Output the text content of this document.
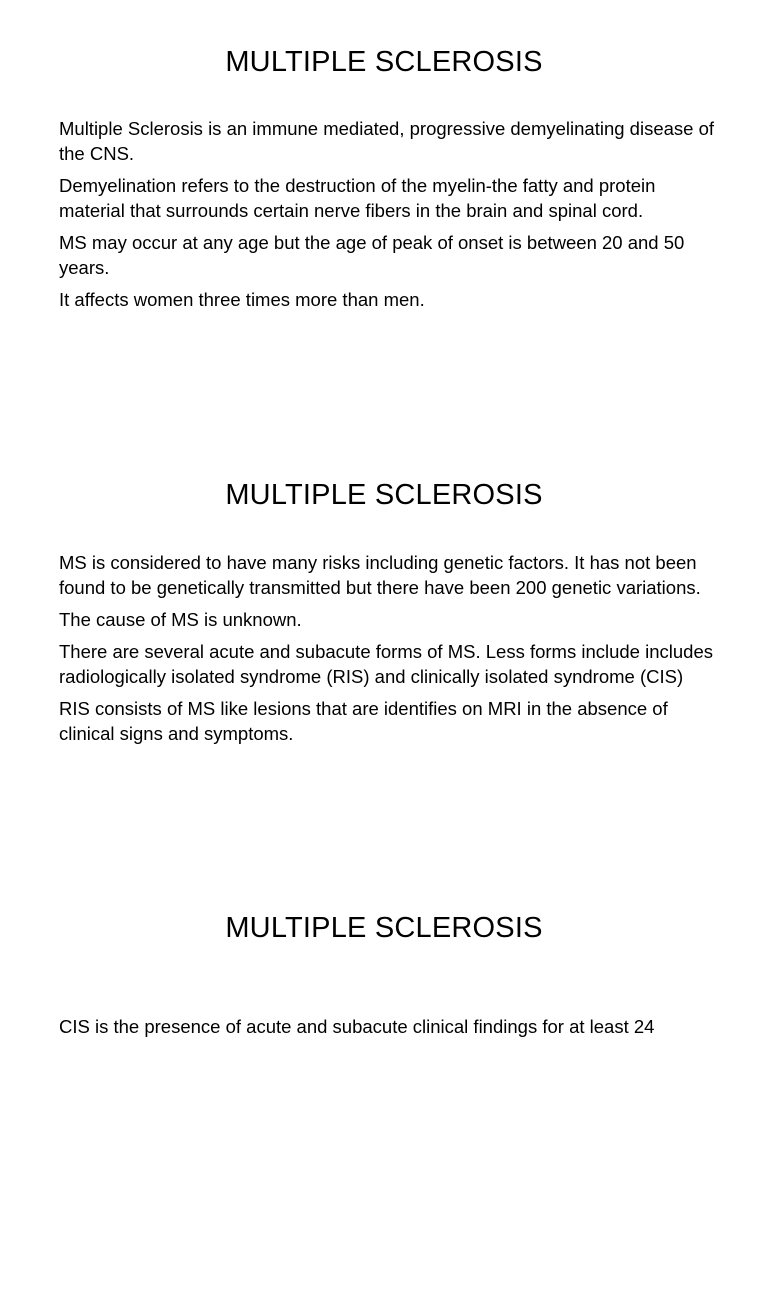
MULTIPLE SCLEROSIS

Multiple Sclerosis is an immune mediated, progressive demyelinating disease of the CNS.

Demyelination refers to the destruction of the myelin-the fatty and protein material that surrounds certain nerve fibers in the brain and spinal cord.

MS may occur at any age but the age of peak of onset is between 20 and 50 years.

It affects women three times more than men.

MULTIPLE SCLEROSIS

MS is considered to have many risks including genetic factors. It has not been found to be genetically transmitted but there have been 200 genetic variations.

The cause of MS is unknown.

There are several acute and subacute forms of MS. Less forms include includes radiologically isolated syndrome (RIS) and clinically isolated syndrome (CIS)

RIS consists of MS like lesions that are identifies on MRI in the absence of clinical signs and symptoms.

MULTIPLE SCLEROSIS

CIS is the presence of acute and subacute clinical findings for at least 24
